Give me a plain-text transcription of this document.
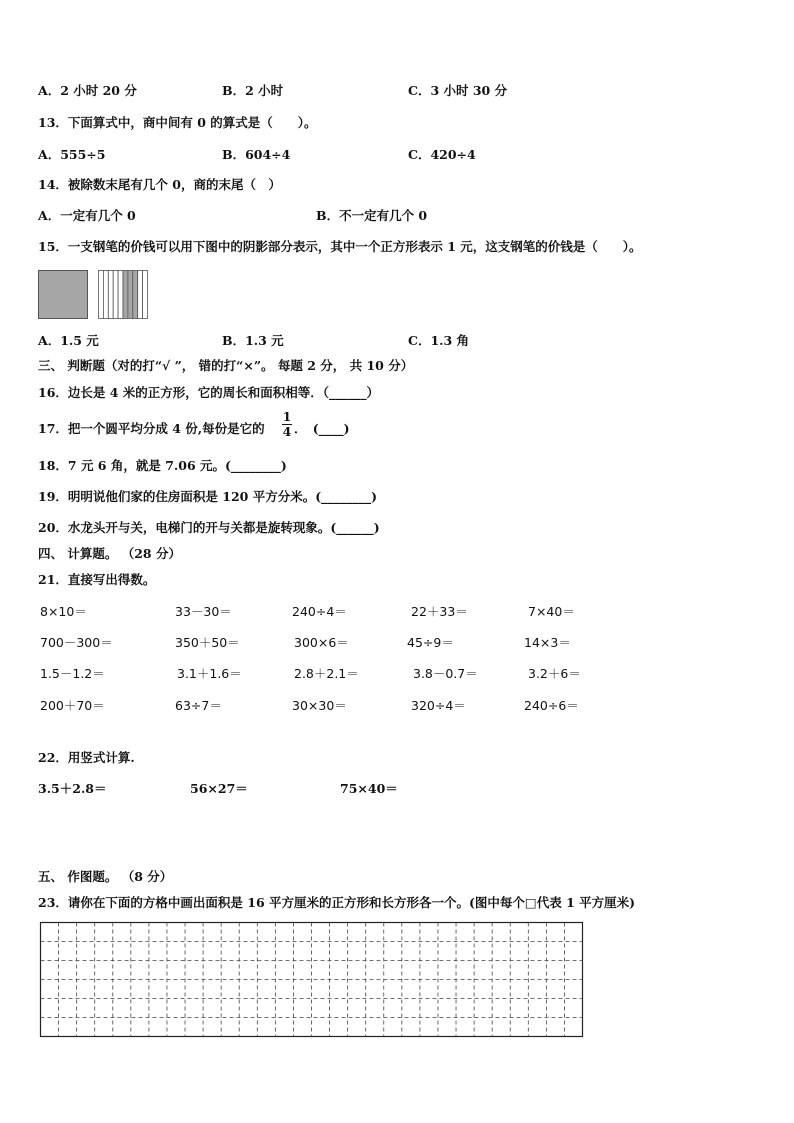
A．2 小时 20 分	B．2 小时	C．3 小时 30 分
13．下面算式中，商中间有 0 的算式是（　　）。
A．555÷5	B．604÷4	C．420÷4
14．被除数末尾有几个 0，商的末尾（　）
A．一定有几个 0	B．不一定有几个 0
15．一支钢笔的价钱可以用下图中的阴影部分表示，其中一个正方形表示 1 元，这支钢笔的价钱是（　　）。
A．1.5 元	B．1.3 元	C．1.3 角
三、 判断题（对的打“√ ”， 错的打“×”。 每题 2 分， 共 10 分）
16．边长是 4 米的正方形，它的周长和面积相等．（______）
17．把一个圆平均分成 4 份,每份是它的
1
4 ．　(____)
18．7 元 6 角，就是 7.06 元。(________)
19．明明说他们家的住房面积是 120 平方分米。(________)
20．水龙头开与关，电梯门的开与关都是旋转现象。(______)
四、 计算题。 （28 分）
21．直接写出得数。
8×10＝	33－30＝	240÷4＝	22＋33＝	7×40＝
700－300＝	350＋50＝	300×6＝	45÷9＝	14×3＝
1.5－1.2＝	3.1＋1.6＝	2.8＋2.1＝	3.8－0.7＝	3.2＋6＝
200＋70＝	63÷7＝	30×30＝	320÷4＝	240÷6＝
22．用竖式计算.
3.5＋2.8＝	56×27＝	75×40＝
五、 作图题。 （8 分）
23．请你在下面的方格中画出面积是 16 平方厘米的正方形和长方形各一个。(图中每个□代表 1 平方厘米)
